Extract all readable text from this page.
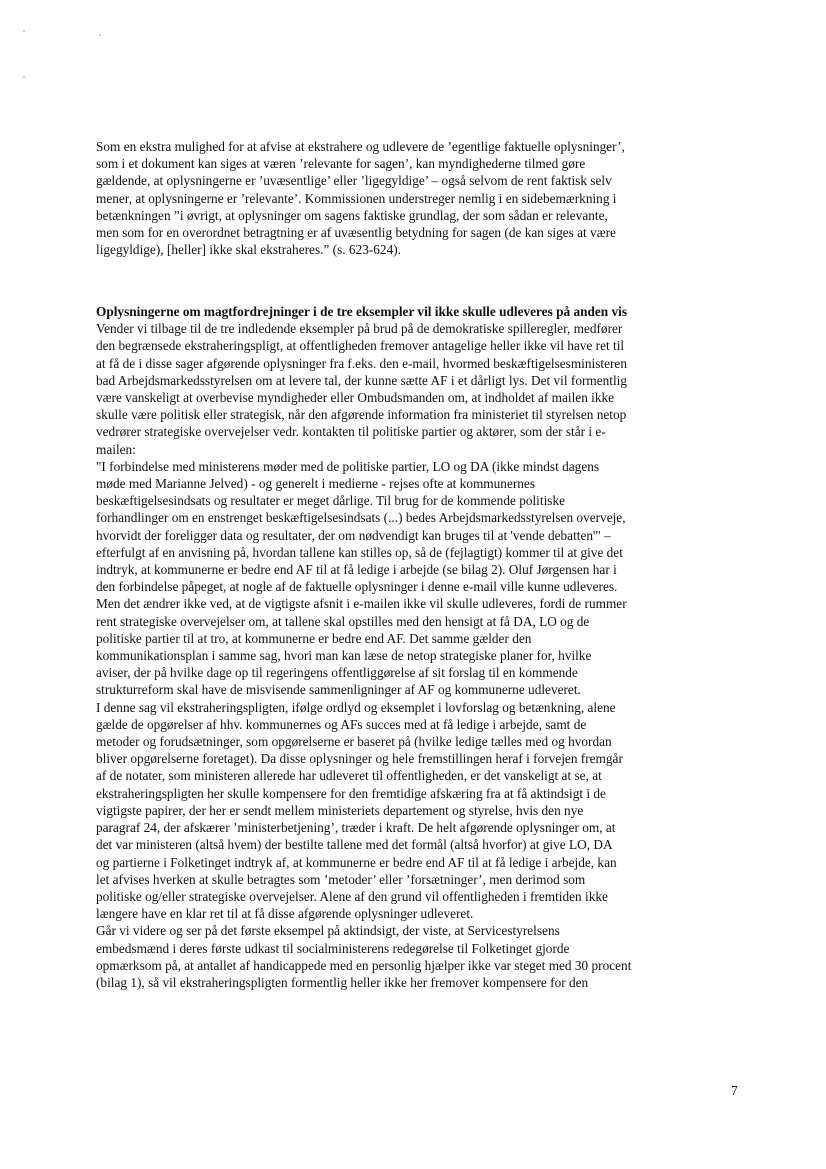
Som en ekstra mulighed for at afvise at ekstrahere og udlevere de ’egentlige faktuelle oplysninger’,
som i et dokument kan siges at væren ’relevante for sagen’, kan myndighederne tilmed gøre
gældende, at oplysningerne er ’uvæsentlige’ eller ’ligegyldige’ – også selvom de rent faktisk selv
mener, at oplysningerne er ’relevante’. Kommissionen understreger nemlig i en sidebemærkning i
betænkningen ”i øvrigt, at oplysninger om sagens faktiske grundlag, der som sådan er relevante,
men som for en overordnet betragtning er af uvæsentlig betydning for sagen (de kan siges at være
ligegyldige), [heller] ikke skal ekstraheres.” (s. 623-624).
Oplysningerne om magtfordrejninger i de tre eksempler vil ikke skulle udleveres på anden vis
Vender vi tilbage til de tre indledende eksempler på brud på de demokratiske spilleregler, medfører
den begrænsede ekstraheringspligt, at offentligheden fremover antagelige heller ikke vil have ret til
at få de i disse sager afgørende oplysninger fra f.eks. den e-mail, hvormed beskæftigelsesministeren
bad Arbejdsmarkedsstyrelsen om at levere tal, der kunne sætte AF i et dårligt lys. Det vil formentlig
være vanskeligt at overbevise myndigheder eller Ombudsmanden om, at indholdet af mailen ikke
skulle være politisk eller strategisk, når den afgørende information fra ministeriet til styrelsen netop
vedrører strategiske overvejelser vedr. kontakten til politiske partier og aktører, som der står i e-
mailen:
"I forbindelse med ministerens møder med de politiske partier, LO og DA (ikke mindst dagens
møde med Marianne Jelved) - og generelt i medierne - rejses ofte at kommunernes
beskæftigelsesindsats og resultater er meget dårlige. Til brug for de kommende politiske
forhandlinger om en enstrenget beskæftigelsesindsats (...) bedes Arbejdsmarkedsstyrelsen overveje,
hvorvidt der foreligger data og resultater, der om nødvendigt kan bruges til at 'vende debatten'" –
efterfulgt af en anvisning på, hvordan tallene kan stilles op, så de (fejlagtigt) kommer til at give det
indtryk, at kommunerne er bedre end AF til at få ledige i arbejde (se bilag 2). Oluf Jørgensen har i
den forbindelse påpeget, at nogle af de faktuelle oplysninger i denne e-mail ville kunne udleveres.
Men det ændrer ikke ved, at de vigtigste afsnit i e-mailen ikke vil skulle udleveres, fordi de rummer
rent strategiske overvejelser om, at tallene skal opstilles med den hensigt at få DA, LO og de
politiske partier til at tro, at kommunerne er bedre end AF. Det samme gælder den
kommunikationsplan i samme sag, hvori man kan læse de netop strategiske planer for, hvilke
aviser, der på hvilke dage op til regeringens offentliggørelse af sit forslag til en kommende
strukturreform skal have de misvisende sammenligninger af AF og kommunerne udleveret.
I denne sag vil ekstraheringspligten, ifølge ordlyd og eksemplet i lovforslag og betænkning, alene
gælde de opgørelser af hhv. kommunernes og AFs succes med at få ledige i arbejde, samt de
metoder og forudsætninger, som opgørelserne er baseret på (hvilke ledige tælles med og hvordan
bliver opgørelserne foretaget). Da disse oplysninger og hele fremstillingen heraf i forvejen fremgår
af de notater, som ministeren allerede har udleveret til offentligheden, er det vanskeligt at se, at
ekstraheringspligten her skulle kompensere for den fremtidige afskæring fra at få aktindsigt i de
vigtigste papirer, der her er sendt mellem ministeriets departement og styrelse, hvis den nye
paragraf 24, der afskærer ’ministerbetjening’, træder i kraft. De helt afgørende oplysninger om, at
det var ministeren (altså hvem) der bestilte tallene med det formål (altså hvorfor) at give LO, DA
og partierne i Folketinget indtryk af, at kommunerne er bedre end AF til at få ledige i arbejde, kan
let afvises hverken at skulle betragtes som ’metoder’ eller ’forsætninger’, men derimod som
politiske og/eller strategiske overvejelser. Alene af den grund vil offentligheden i fremtiden ikke
længere have en klar ret til at få disse afgørende oplysninger udleveret.
Går vi videre og ser på det første eksempel på aktindsigt, der viste, at Servicestyrelsens
embedsmænd i deres første udkast til socialministerens redegørelse til Folketinget gjorde
opmærksom på, at antallet af handicappede med en personlig hjælper ikke var steget med 30 procent
(bilag 1), så vil ekstraheringspligten formentlig heller ikke her fremover kompensere for den
7
